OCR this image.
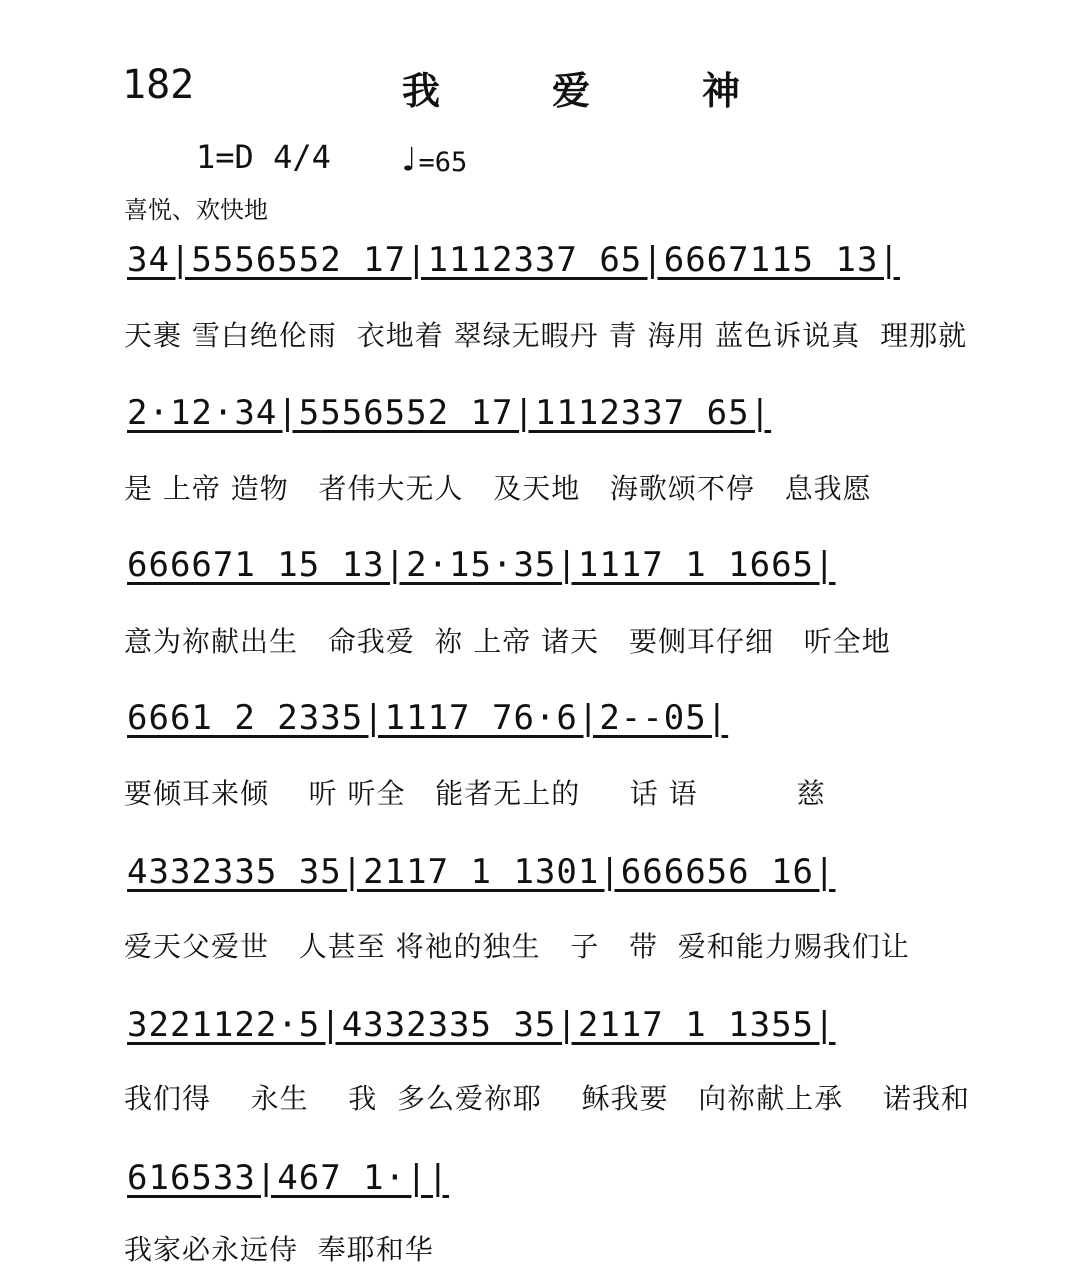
182	我爱神
1=D 4/4 ♩=65
喜悦、欢快地
34|5556552 17|1112337 65|6667115 13|
天裹 雪白绝伦雨  衣地着 翠绿无暇丹 青 海用 蓝色诉说真  理那就
2·12·34|5556552 17|1112337 65|
是 上帝 造物   者伟大无人   及天地   海歌颂不停   息我愿
666671 15 13|2·15·35|1117 1 1665|
意为祢献出生   命我爱  祢 上帝 诸天   要侧耳仔细   听全地
6661 2 2335|1117 76·6|2--05|
要倾耳来倾    听 听全   能者无上的     话 语          慈
4332335 35|2117 1 1301|666656 16|
爱天父爱世   人甚至 将祂的独生   子   带  爱和能力赐我们让
3221122·5|4332335 35|2117 1 1355|
我们得    永生    我  多么爱祢耶    稣我要   向祢献上承    诺我和
616533|467 1·||
我家必永远侍  奉耶和华
